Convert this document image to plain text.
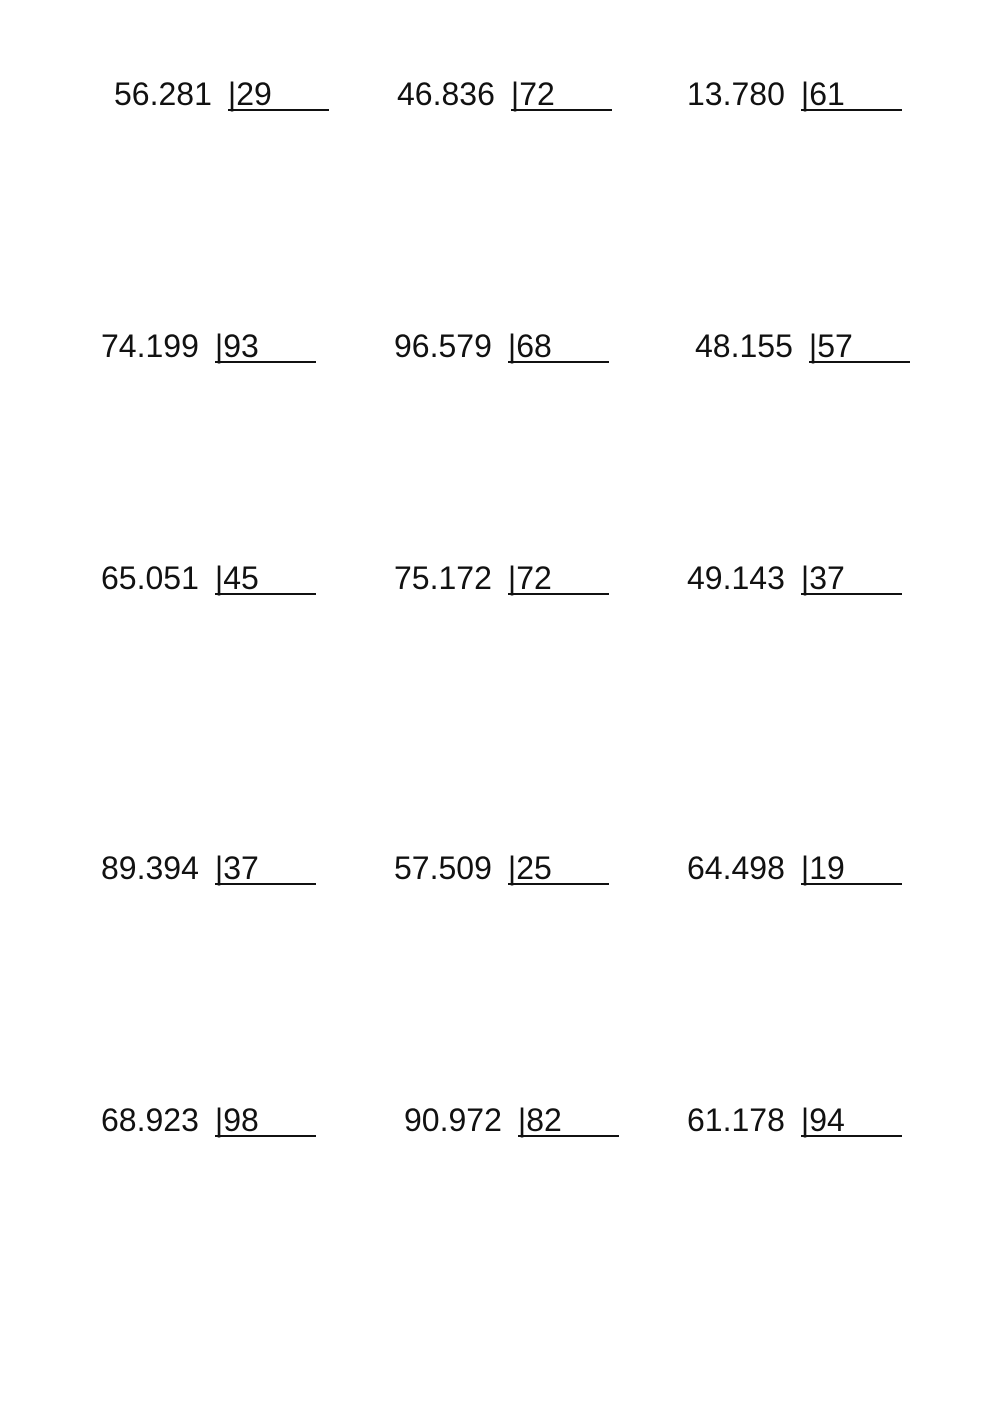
56.281 |29	46.836 |72	13.780 |61
74.199 |93	96.579 |68	48.155 |57
65.051 |45	75.172 |72	49.143 |37
89.394 |37	57.509 |25	64.498 |19
68.923 |98	90.972 |82	61.178 |94
